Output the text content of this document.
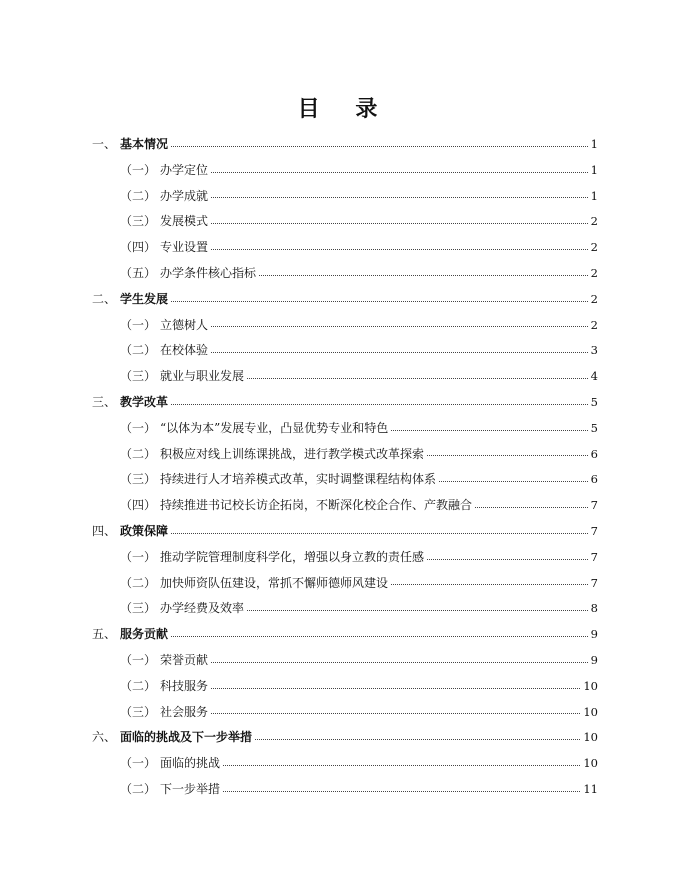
目 录
一、 基本情况	1
（一） 办学定位	1
（二） 办学成就	1
（三） 发展模式	2
（四） 专业设置	2
（五） 办学条件核心指标	2
二、 学生发展	2
（一） 立德树人	2
（二） 在校体验	3
（三） 就业与职业发展	4
三、 教学改革	5
（一） “以体为本”发展专业，凸显优势专业和特色	5
（二） 积极应对线上训练课挑战，进行教学模式改革探索	6
（三） 持续进行人才培养模式改革，实时调整课程结构体系	6
（四） 持续推进书记校长访企拓岗，不断深化校企合作、产教融合	7
四、 政策保障	7
（一） 推动学院管理制度科学化，增强以身立教的责任感	7
（二） 加快师资队伍建设，常抓不懈师德师风建设	7
（三） 办学经费及效率	8
五、 服务贡献	9
（一） 荣誉贡献	9
（二） 科技服务	10
（三） 社会服务	10
六、 面临的挑战及下一步举措	10
（一） 面临的挑战	10
（二） 下一步举措	11
